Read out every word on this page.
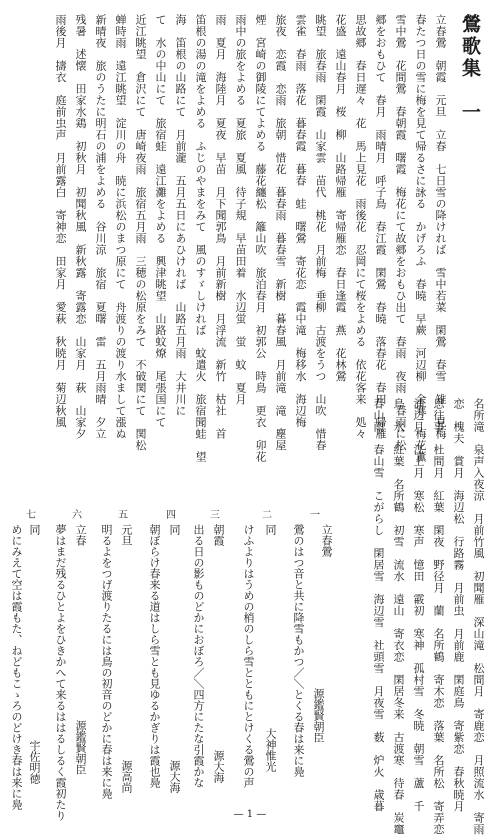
鶯歌集　一
立春鶯　朝霞　元旦　立春　七日雪の降ければ　雪中若菜　閑鶯　春雪　雉　見梅
春たつ日の雪に梅を見て帰るさに詠る　かげろふ　春曉　早蕨　河辺柳　余寒　梅花薫
雪中鶯　花間鶯　春朝霞　曙霞　梅花にて故郷をおもひ出て　春雨　夜雨　春雨に松
郷をおもひて　春月　雨晴月　呼子鳥　春江霞　閑鶯　春曉　落春花　春田　帰雁
思故郷　春日遅々　花　馬上見花　雨後花　忍岡にて桜をよめる　依花客来　処々
花盛　遠山春月　桜　柳　山路帰雁　寄帰雁恋　春日逢霞　燕　花林鶯
眺望　旅春雨　閑霞　山家雲　苗代　桃花　月前梅　垂柳　古渡をうつ　山吹　惜春
雲雀　春雨　落花　暮春霞　暮春　蛙　曙鶯　寄花恋　霞中滝　梅移水　海辺梅
旅夜　恋霞　恋雨　旅朝　惜花　暮春雨　暮春雪　新樹　暮春風　月前滝　滝　塵屋
煙　宮崎の御陵にてよめる　藤花纏松　籬山吹　旅泊春月　初郭公　時鳥　更衣　卯花
雨中の旅をよめる　夏旅　夏風　待子規　早苗田着　水辺蛍　蛍　蚊　夏月
雨　夏月　海陸月　夏夜　早苗　月下聞郭鳥　月前新樹　月浮流　新竹　枯社　首
笛根の湯の滝をよめる　ふじのやまをみて　風のすゞしければ　蚊遣火　旅宿聞蛙　望
海　笛根の山路にて　月前瀧　五月五日にあひければ　山路五月雨　大井川に
て　水の中山にて　旅宿蛙　遠江灘をよめる　興津眺望　山路蚊燎　尾張国にて
近江眺望　倉沢にて　唐崎夜雨　旅宿五月雨　三穂の松原をみて　不破関にて　関松
蝉時雨　遠江眺望　淀川の舟　暁に浜松のまつ原にて　舟渡りの渡り水まして漲ぬ
新晴夜　旅のうたに明石の浦をよめる　谷川涼　旅宿　夏曙　雷　五月雨晴　夕立
残暑　述懐　田家水鶏　初秋月　初聞秋風　新秋露　寄露恋　山家月　萩　山家夕
雨後月　擣衣　庭前虫声　月前露白　寄神恋　田家月　愛萩　秋暁月　菊辺秋風
名所滝　泉声入夜涼　月前竹風　初聞雁　深山滝　松間月　寄鹿恋　月照流水　寄雨
恋　槐夫　賞月　海辺松　行路霧　月前虫　月前鹿　閑庭鳥　寄紫恋　春秋暁月
思往事　杜間月　紅葉　閑夜　野径月　蘭　名所鶴　寄木恋　落葉　名所松　寄弄恋
浦辺月　江上月　寒松　寒声　憶田　霰初　寒神　孤村雪　冬暁　朝雪　蘆　千
鳥　氷　紅葉　名所鶴　初雪　流水　遠山　寄衣恋　閑居冬来　古渡寒　待春　炭竈
春山雨　春山雪　こがらし　閑居雪　海辺雪　社頭雪　月夜雪　薮　炉火　歳暮
一
立春鶯
鶯のはつ音と共に降雪もかつ／＼とくる春は来に鳧 源鑑賢朝臣
二
同
けふよりはうめの梢のしら雪とともにとけくる鶯の声 大神惟光
三
朝霞
出る日の影ものどかにおぼろ／＼四方にたな引霞かな 源大海
四
同
朝ぼらけ春来る道はしら雪とも見ゆるかぎりは霞也鳧 源大海
五
元旦
明るよをつげ渡りたるには鳥の初音のどかに春は来に鳧 源高尚
六
立春
夢はまだ残るひとよをひきかへて来るははるしるく霞初たり 源鑑賢朝臣
七
同
めにみえて空は霞もた、ねどもこゝろのどけき春は来に鳧 宇佐明徳
— 1 —
